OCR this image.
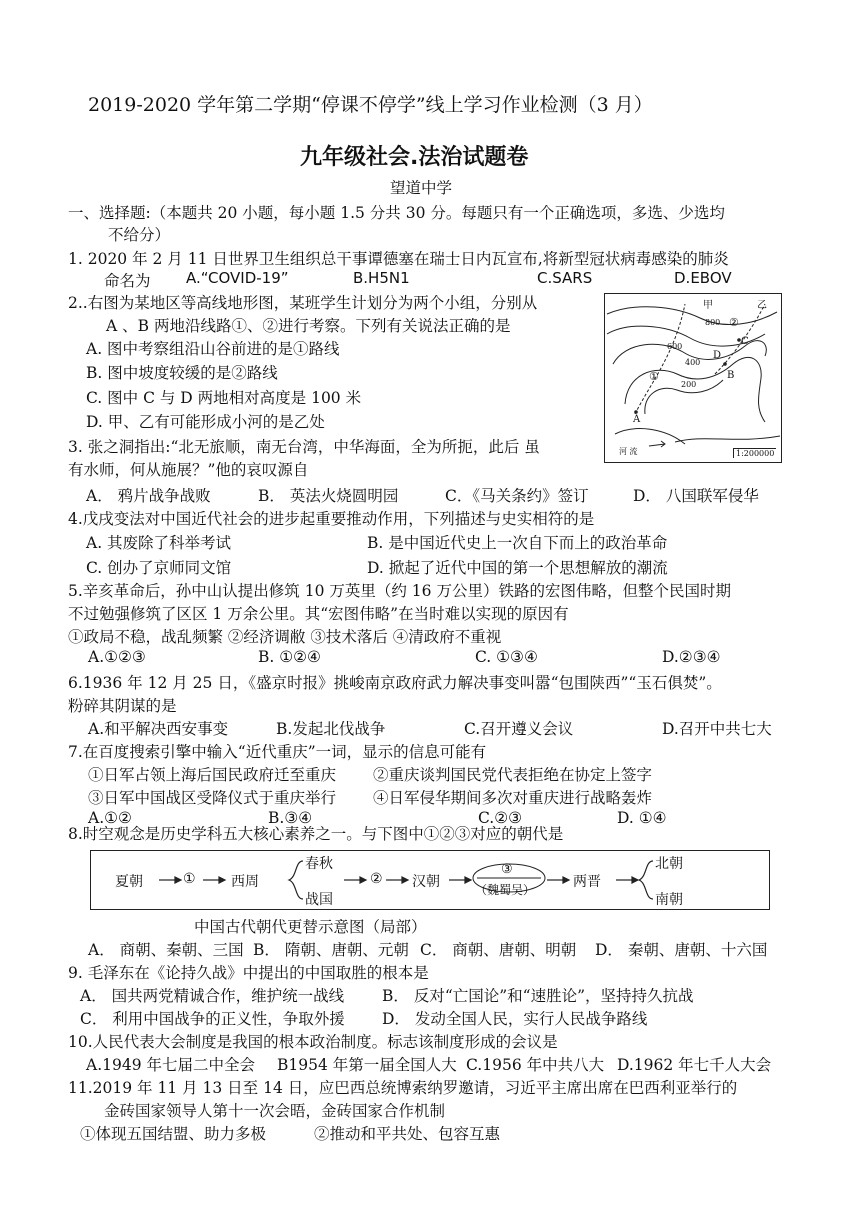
2019-2020 学年第二学期“停课不停学”线上学习作业检测（3 月）
九年级社会.法治试题卷
望道中学
一、选择题:（本题共 20 小题，每小题 1.5 分共 30 分。每题只有一个正确选项，多选、少选均
不给分）
1. 2020 年 2 月 11 日世界卫生组织总干事谭德塞在瑞士日内瓦宣布,将新型冠状病毒感染的肺炎
命名为 A.“COVID-19”	B.H5N1	C.SARS	D.EBOV
2..右图为某地区等高线地形图，某班学生计划分为两个小组，分别从
A 、B 两地沿线路①、②进行考察。下列有关说法正确的是
A. 图中考察组沿山谷前进的是①路线
B. 图中坡度较缓的是②路线
C. 图中 C 与 D 两地相对高度是 100 米
D. 甲、乙有可能形成小河的是乙处
甲	乙
800
600
400
200
①
②
C
D
A
B
河 流	1:200000
3. 张之洞指出:“北无旅顺，南无台湾，中华海面，全为所扼，此后 虽
有水师，何从施展？”他的哀叹源自
A． 鸦片战争战败	B． 英法火烧圆明园	C．《马关条约》签订	D． 八国联军侵华
4.戊戌变法对中国近代社会的进步起重要推动作用，下列描述与史实相符的是
A. 其废除了科举考试	B. 是中国近代史上一次自下而上的政治革命
C. 创办了京师同文馆	D. 掀起了近代中国的第一个思想解放的潮流
5.辛亥革命后，孙中山认提出修筑 10 万英里（约 16 万公里）铁路的宏图伟略，但整个民国时期
不过勉强修筑了区区 1 万余公里。其“宏图伟略”在当时难以实现的原因有
①政局不稳，战乱频繁 ②经济调敝 ③技术落后 ④清政府不重视
A.①②③	B. ①②④	C. ①③④	D.②③④
6.1936 年 12 月 25 日，《盛京时报》挑峻南京政府武力解决事变叫嚣“包围陕西”“玉石俱焚”。
粉碎其阴谋的是
A.和平解决西安事变	B.发起北伐战争	C.召开遵义会议	D.召开中共七大
7.在百度搜索引擎中输入“近代重庆”一词，显示的信息可能有
①日军占领上海后国民政府迁至重庆 ②重庆谈判国民党代表拒绝在协定上签字
③日军中国战区受降仪式于重庆举行 ④日军侵华期间多次对重庆进行战略轰炸
A.①②	B.③④	C.②③	D. ①④
8.时空观念是历史学科五大核心素养之一。与下图中①②③对应的朝代是
夏朝	①	西周
春秋
战国
② 汉朝
③
（魏蜀吴）	两晋
北朝
南朝
中国古代朝代更替示意图（局部）
A． 商朝、秦朝、三国 B． 隋朝、唐朝、元朝 C． 商朝、唐朝、明朝 D． 秦朝、唐朝、十六国
9. 毛泽东在《论持久战》中提出的中国取胜的根本是
A． 国共两党精诚合作，维护统一战线 B． 反对“亡国论”和“速胜论”，坚持持久抗战
C． 利用中国战争的正义性，争取外援 D． 发动全国人民，实行人民战争路线
10.人民代表大会制度是我国的根本政治制度。标志该制度形成的会议是
A.1949 年七届二中全会 B1954 年第一届全国人大 C.1956 年中共八大 D.1962 年七千人大会
11.2019 年 11 月 13 日至 14 日，应巴西总统博索纳罗邀请，习近平主席出席在巴西利亚举行的
金砖国家领导人第十一次会晤，金砖国家合作机制
①体现五国结盟、助力多极	②推动和平共处、包容互惠
